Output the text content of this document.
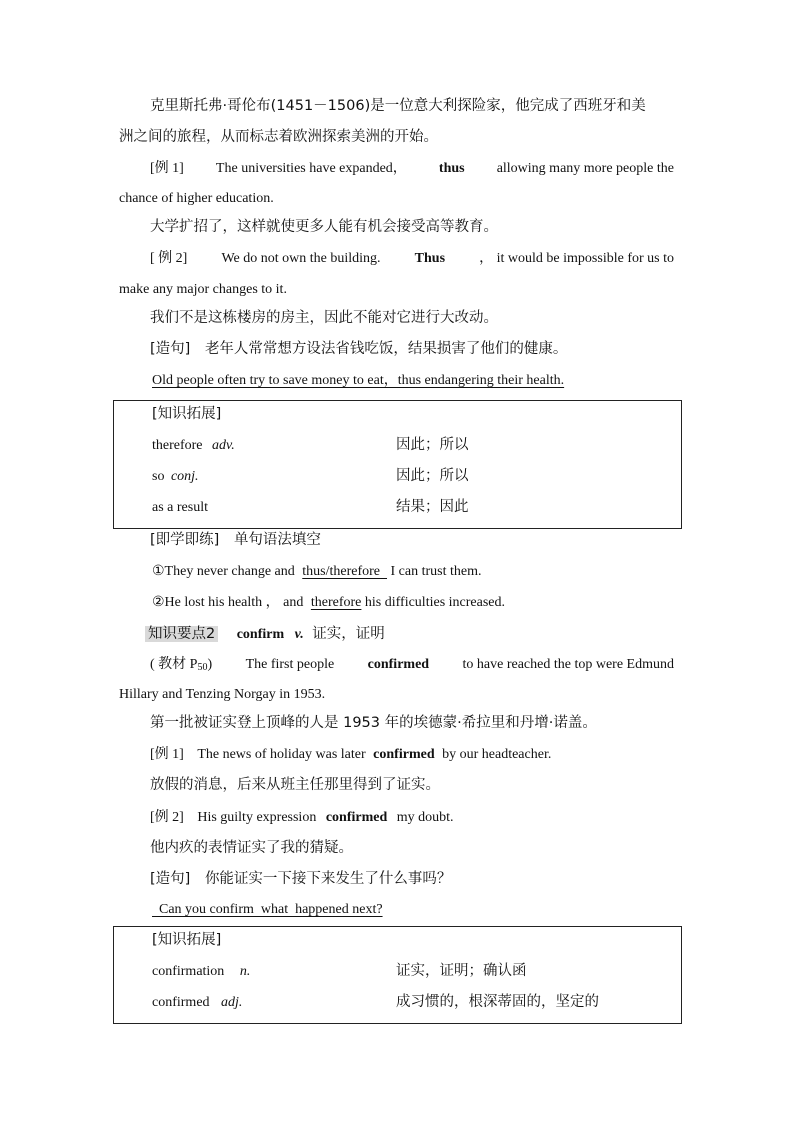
克里斯托弗·哥伦布(1451－1506)是一位意大利探险家，他完成了西班牙和美
洲之间的旅程，从而标志着欧洲探索美洲的开始。
[例 1] The universities have expanded， thus allowing many more people the
chance of higher education.
大学扩招了，这样就使更多人能有机会接受高等教育。
[ 例 2] We do not own the building. Thus ， it would be impossible for us to
make any major changes to it.
我们不是这栋楼房的房主，因此不能对它进行大改动。
[造句] 老年人常常想方设法省钱吃饭，结果损害了他们的健康。
Old people often try to save money to eat，thus endangering their health.
[知识拓展]
therefore adv.	因此；所以
so conj.	因此；所以
as a result	结果；因此
[即学即练] 单句语法填空
①They never change and thus/therefore   I can trust them.
②He lost his health ， and therefore his difficulties increased.
知识要点2 confirm v. 证实，证明
( 教材 $P_{50}$) The first people confirmed to have reached the top were Edmund
Hillary and Tenzing Norgay in 1953.
第一批被证实登上顶峰的人是 1953 年的埃德蒙·希拉里和丹增·诺盖。
[例 1] The news of holiday was later confirmed by our headteacher.
放假的消息，后来从班主任那里得到了证实。
[例 2] His guilty expression confirmed my doubt.
他内疚的表情证实了我的猜疑。
[造句] 你能证实一下接下来发生了什么事吗？
Can you confirm  what  happened next?
[知识拓展]
confirmation n.	证实，证明；确认函
confirmed adj.	成习惯的，根深蒂固的，坚定的
